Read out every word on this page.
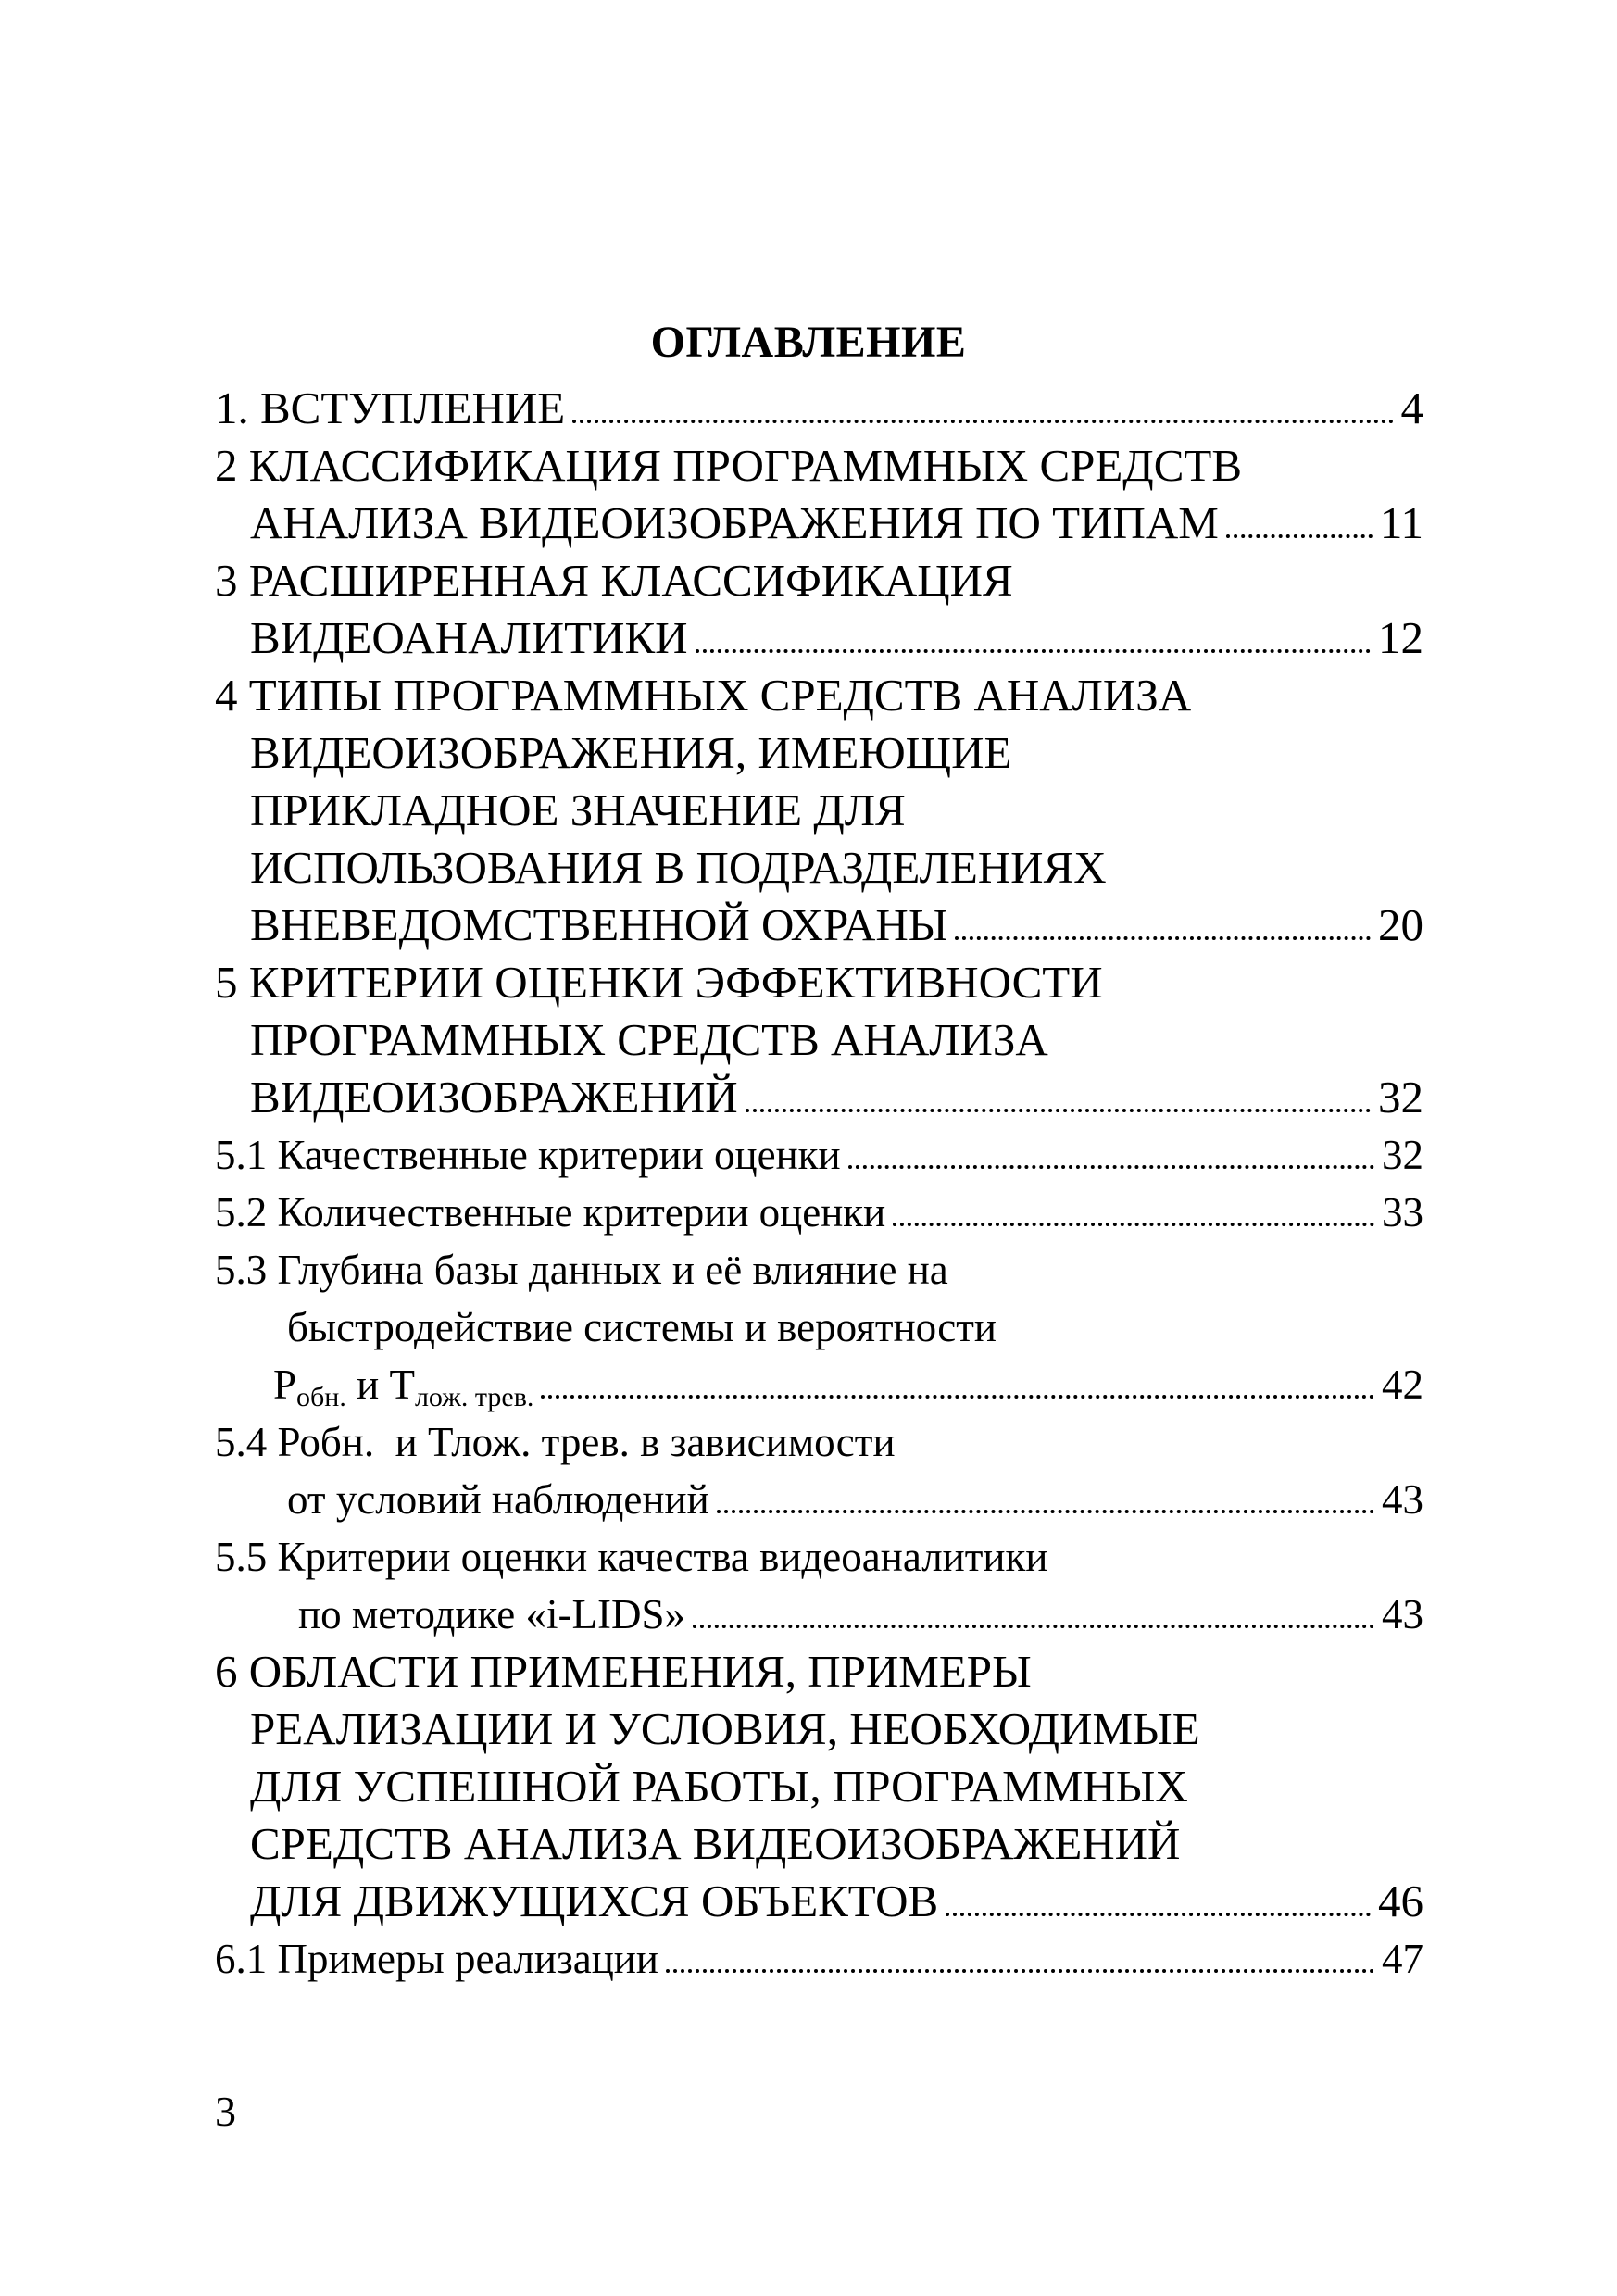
ОГЛАВЛЕНИЕ
1. ВСТУПЛЕНИЕ	4
2 КЛАССИФИКАЦИЯ ПРОГРАММНЫХ СРЕДСТВ
АНАЛИЗА ВИДЕОИЗОБРАЖЕНИЯ ПО ТИПАМ	11
3 РАСШИРЕННАЯ КЛАССИФИКАЦИЯ
ВИДЕОАНАЛИТИКИ	12
4 ТИПЫ ПРОГРАММНЫХ СРЕДСТВ АНАЛИЗА
ВИДЕОИЗОБРАЖЕНИЯ, ИМЕЮЩИЕ
ПРИКЛАДНОЕ ЗНАЧЕНИЕ ДЛЯ
ИСПОЛЬЗОВАНИЯ В ПОДРАЗДЕЛЕНИЯХ
ВНЕВЕДОМСТВЕННОЙ ОХРАНЫ	20
5 КРИТЕРИИ ОЦЕНКИ ЭФФЕКТИВНОСТИ
ПРОГРАММНЫХ СРЕДСТВ АНАЛИЗА
ВИДЕОИЗОБРАЖЕНИЙ	32
5.1 Качественные критерии оценки	32
5.2 Количественные критерии оценки	33
5.3 Глубина базы данных и её влияние на
быстродействие системы и вероятности
$P_{обн.}$ и $T_{лож. трев.}$	42
5.4 Робн.  и Тлож. трев. в зависимости
от условий наблюдений	43
5.5 Критерии оценки качества видеоаналитики
по методике «i-LIDS»	43
6 ОБЛАСТИ ПРИМЕНЕНИЯ, ПРИМЕРЫ
РЕАЛИЗАЦИИ И УСЛОВИЯ, НЕОБХОДИМЫЕ
ДЛЯ УСПЕШНОЙ РАБОТЫ, ПРОГРАММНЫХ
СРЕДСТВ АНАЛИЗА ВИДЕОИЗОБРАЖЕНИЙ
ДЛЯ ДВИЖУЩИХСЯ ОБЪЕКТОВ	46
6.1 Примеры реализации	47
3
